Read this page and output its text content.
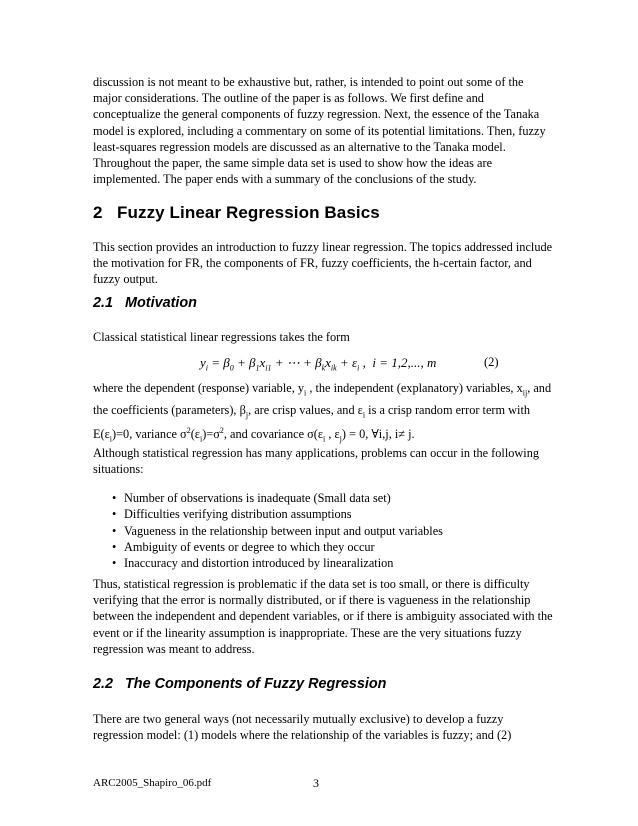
discussion is not meant to be exhaustive but, rather, is intended to point out some of the major considerations. The outline of the paper is as follows. We first define and conceptualize the general components of fuzzy regression. Next, the essence of the Tanaka model is explored, including a commentary on some of its potential limitations. Then, fuzzy least-squares regression models are discussed as an alternative to the Tanaka model. Throughout the paper, the same simple data set is used to show how the ideas are implemented. The paper ends with a summary of the conclusions of the study.

2 Fuzzy Linear Regression Basics

This section provides an introduction to fuzzy linear regression. The topics addressed include the motivation for FR, the components of FR, fuzzy coefficients, the h-certain factor, and fuzzy output.

2.1 Motivation

Classical statistical linear regressions takes the form

$y_i = \beta_0 + \beta_1x_{i1}$ + ⋯ + $\beta_kx_{ik} + \varepsilon_i$ ,  i = 1,2,..., m	(2)

where the dependent (response) variable, $y_i$ , the independent (explanatory) variables, $x_{ij}$, and the coefficients (parameters), $\beta_j$, are crisp values, and $\varepsilon_i$ is a crisp random error term with $E(\varepsilon_i)=0$, variance $\sigma^2(\varepsilon_i)=\sigma^2$, and covariance $\sigma(\varepsilon_i$ , $\varepsilon_j) = 0$, ∀i,j, i≠ j.

Although statistical regression has many applications, problems can occur in the following situations:

• Number of observations is inadequate (Small data set)
• Difficulties verifying distribution assumptions
• Vagueness in the relationship between input and output variables
• Ambiguity of events or degree to which they occur
• Inaccuracy and distortion introduced by linearalization

Thus, statistical regression is problematic if the data set is too small, or there is difficulty verifying that the error is normally distributed, or if there is vagueness in the relationship between the independent and dependent variables, or if there is ambiguity associated with the event or if the linearity assumption is inappropriate. These are the very situations fuzzy regression was meant to address.

2.2 The Components of Fuzzy Regression

There are two general ways (not necessarily mutually exclusive) to develop a fuzzy regression model: (1) models where the relationship of the variables is fuzzy; and (2)

ARC2005_Shapiro_06.pdf	3
